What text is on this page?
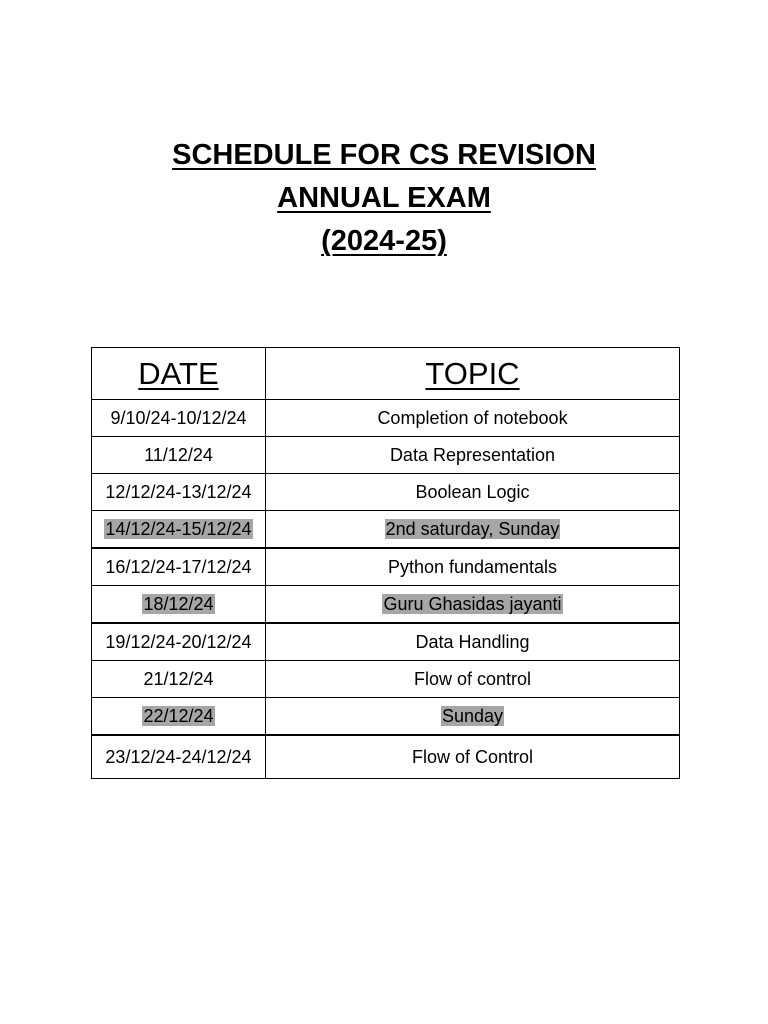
SCHEDULE FOR CS REVISION
ANNUAL EXAM
(2024-25)
DATE	TOPIC
9/10/24-10/12/24	Completion of notebook
11/12/24	Data Representation
12/12/24-13/12/24	Boolean Logic
14/12/24-15/12/24	2nd saturday, Sunday
16/12/24-17/12/24	Python fundamentals
18/12/24	Guru Ghasidas jayanti
19/12/24-20/12/24	Data Handling
21/12/24	Flow of control
22/12/24	Sunday
23/12/24-24/12/24	Flow of Control
